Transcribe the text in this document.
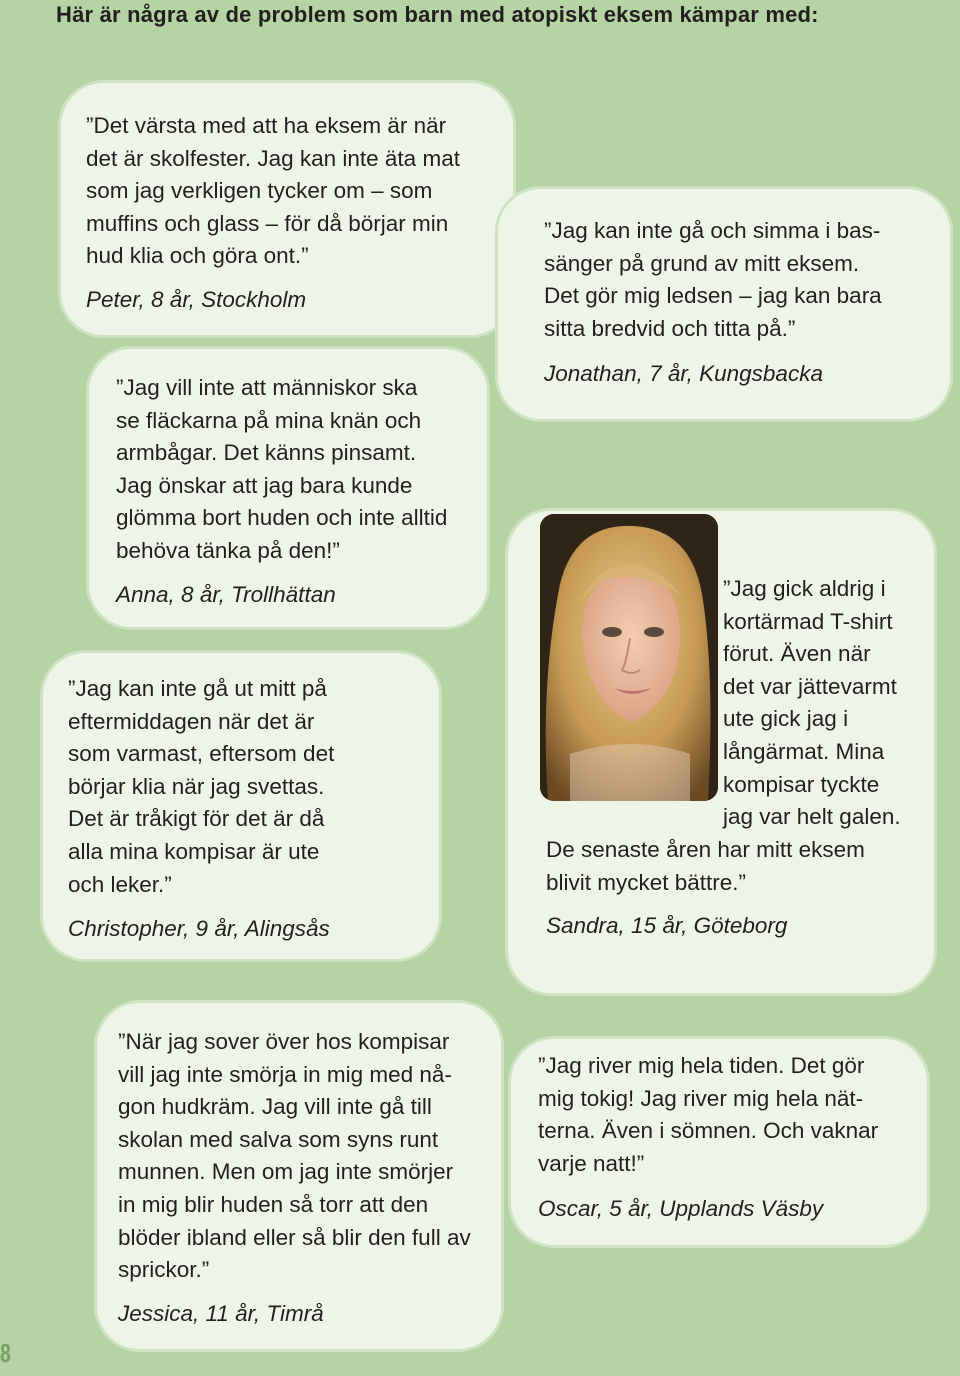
Här är några av de problem som barn med atopiskt eksem kämpar med:

”Det värsta med att ha eksem är när
det är skolfester. Jag kan inte äta mat
som jag verkligen tycker om – som
muffins och glass – för då börjar min
hud klia och göra ont.”

Peter, 8 år, Stockholm

”Jag kan inte gå och simma i bas-
sänger på grund av mitt eksem.
Det gör mig ledsen – jag kan bara
sitta bredvid och titta på.”

Jonathan, 7 år, Kungsbacka

”Jag vill inte att människor ska
se fläckarna på mina knän och
armbågar. Det känns pinsamt.
Jag önskar att jag bara kunde
glömma bort huden och inte alltid
behöva tänka på den!”

Anna, 8 år, Trollhättan	”Jag gick aldrig i
kortärmad T-shirt
förut. Även när
det var jättevarmt
ute gick jag i
långärmat. Mina
kompisar tyckte
jag var helt galen.

De senaste åren har mitt eksem
blivit mycket bättre.”

Sandra, 15 år, Göteborg

”Jag kan inte gå ut mitt på
eftermiddagen när det är
som varmast, eftersom det
börjar klia när jag svettas.
Det är tråkigt för det är då
alla mina kompisar är ute
och leker.”

Christopher, 9 år, Alingsås

”När jag sover över hos kompisar
vill jag inte smörja in mig med nå-
gon hudkräm. Jag vill inte gå till
skolan med salva som syns runt
munnen. Men om jag inte smörjer
in mig blir huden så torr att den
blöder ibland eller så blir den full av
sprickor.”

Jessica, 11 år, Timrå

”Jag river mig hela tiden. Det gör
mig tokig! Jag river mig hela nät-
terna. Även i sömnen. Och vaknar
varje natt!”

Oscar, 5 år, Upplands Väsby

8
